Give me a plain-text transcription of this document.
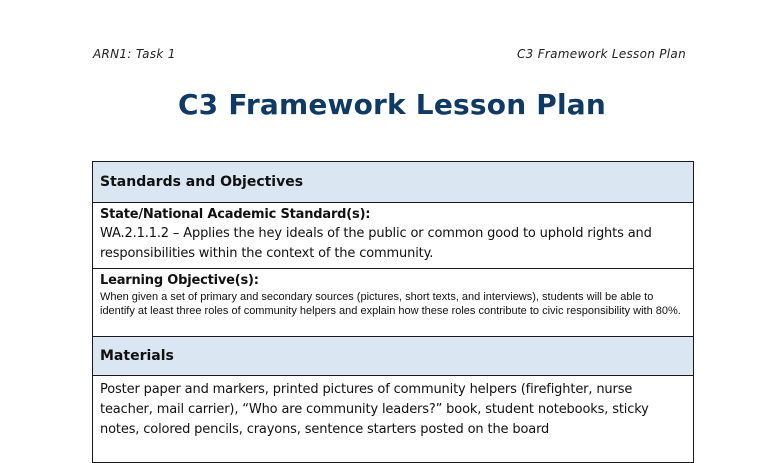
ARN1: Task 1	C3 Framework Lesson Plan
C3 Framework Lesson Plan
Standards and Objectives
State/National Academic Standard(s):
WA.2.1.1.2 – Applies the hey ideals of the public or common good to uphold rights and responsibilities within the context of the community.
Learning Objective(s):
When given a set of primary and secondary sources (pictures, short texts, and interviews), students will be able to identify at least three roles of community helpers and explain how these roles contribute to civic responsibility with 80%.
Materials
Poster paper and markers, printed pictures of community helpers (firefighter, nurse teacher, mail carrier), “Who are community leaders?” book, student notebooks, sticky notes, colored pencils, crayons, sentence starters posted on the board
